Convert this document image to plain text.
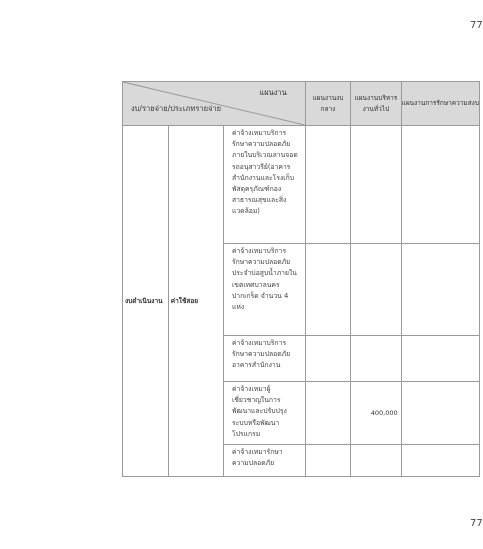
77
แผนงาน
งบ/รายจ่าย/ประเภทรายจ่าย			แผนงานงบกลาง	แผนงานบริหารงานทั่วไป	แผนงานการรักษาความสงบ
งบดำเนินงาน	ค่าใช้สอย	ค่าจ้างเหมาบริการรักษาความปลอดภัยภายในบริเวณลานจอดรถอนุสาวรีย์(อาคารสำนักงานและโรงเก็บพัสดุครุภัณฑ์กองสาธารณสุขและสิ่งแวดล้อม)			
		ค่าจ้างเหมาบริการรักษาความปลอดภัยประจำบ่อสูบน้ำภายในเขตเทศบาลนครปากเกร็ด จำนวน 4 แห่ง			
		ค่าจ้างเหมาบริการรักษาความปลอดภัยอาคารสำนักงาน			
		ค่าจ้างเหมาผู้เชี่ยวชาญในการพัฒนาและปรับปรุงระบบหรือพัฒนาโปรแกรม		400,000	
		ค่าจ้างเหมารักษาความปลอดภัย			
77
